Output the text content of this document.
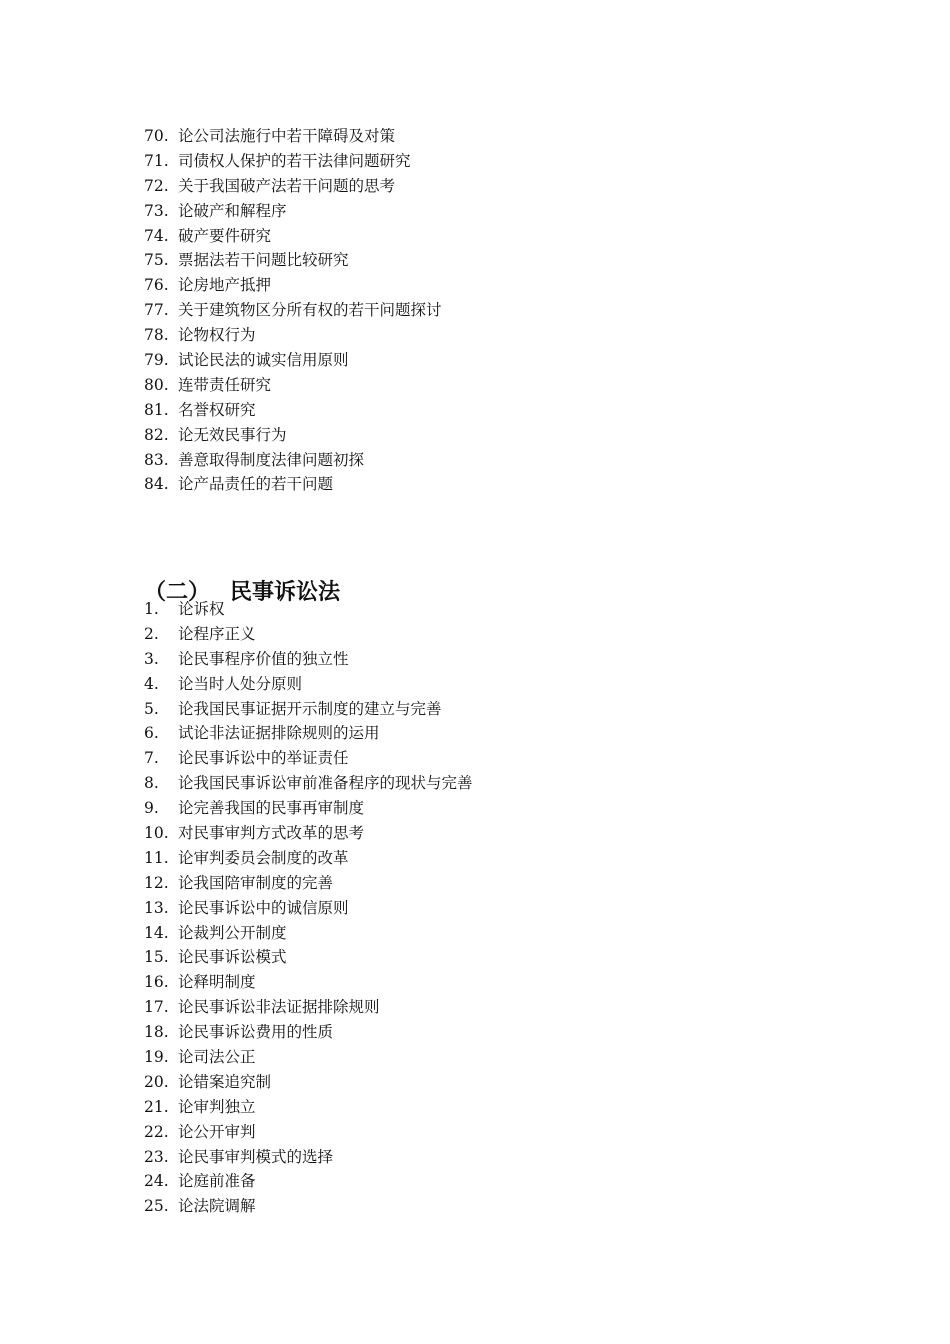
70. 论公司法施行中若干障碍及对策
71. 司债权人保护的若干法律问题研究
72. 关于我国破产法若干问题的思考
73. 论破产和解程序
74. 破产要件研究
75. 票据法若干问题比较研究
76. 论房地产抵押
77. 关于建筑物区分所有权的若干问题探讨
78. 论物权行为
79. 试论民法的诚实信用原则
80. 连带责任研究
81. 名誉权研究
82. 论无效民事行为
83. 善意取得制度法律问题初探
84. 论产品责任的若干问题
（二） 民事诉讼法
1.	论诉权
2.	论程序正义
3.	论民事程序价值的独立性
4.	论当时人处分原则
5.	论我国民事证据开示制度的建立与完善
6.	试论非法证据排除规则的运用
7.	论民事诉讼中的举证责任
8.	论我国民事诉讼审前准备程序的现状与完善
9.	论完善我国的民事再审制度
10. 对民事审判方式改革的思考
11. 论审判委员会制度的改革
12. 论我国陪审制度的完善
13. 论民事诉讼中的诚信原则
14. 论裁判公开制度
15. 论民事诉讼模式
16. 论释明制度
17. 论民事诉讼非法证据排除规则
18. 论民事诉讼费用的性质
19. 论司法公正
20. 论错案追究制
21. 论审判独立
22. 论公开审判
23. 论民事审判模式的选择
24. 论庭前准备
25. 论法院调解
